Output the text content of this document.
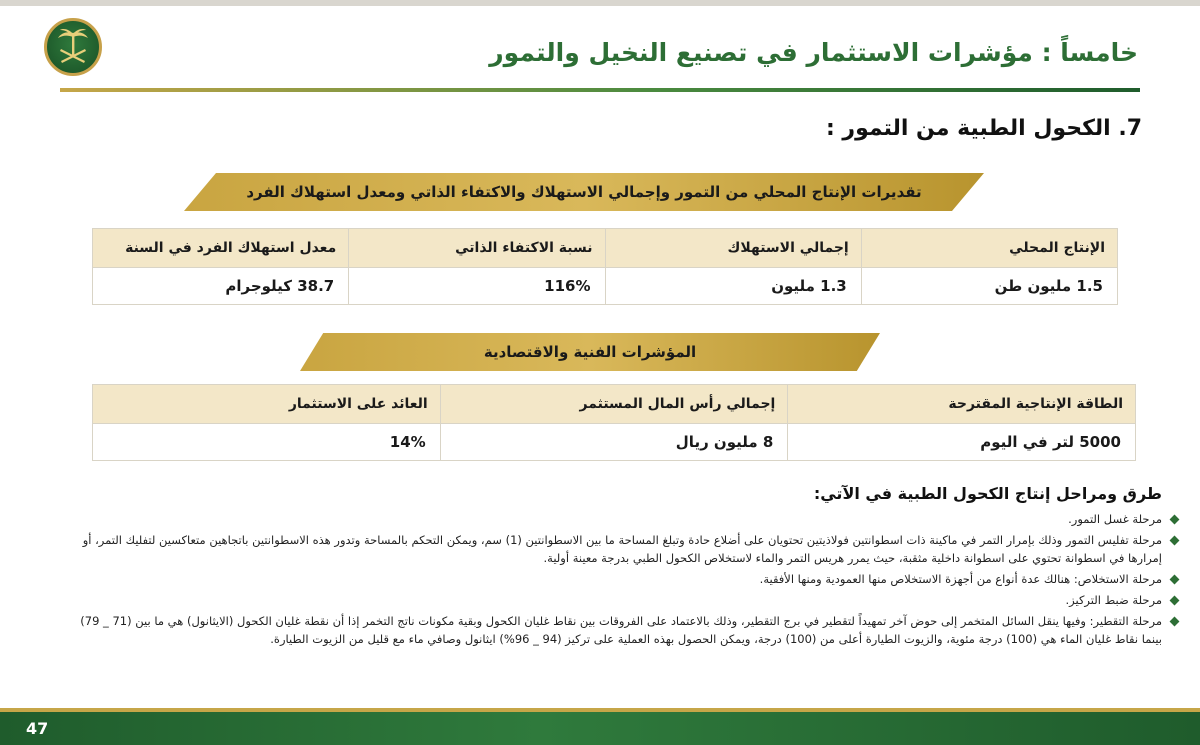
خامساً : مؤشرات الاستثمار في تصنيع النخيل والتمور
7. الكحول الطبية من التمور :
تقديرات الإنتاج المحلي من التمور وإجمالي الاستهلاك والاكتفاء الذاتي ومعدل استهلاك الفرد
الإنتاج المحلي	إجمالي الاستهلاك	نسبة الاكتفاء الذاتي	معدل استهلاك الفرد في السنة
1.5 مليون طن	1.3 مليون	116%	38.7 كيلوجرام
المؤشرات الفنية والاقتصادية
الطاقة الإنتاجية المقترحة	إجمالي رأس المال المستثمر	العائد على الاستثمار
5000 لتر في اليوم	8 مليون ريال	14%
طرق ومراحل إنتاج الكحول الطبية في الآتي:
مرحلة غسل التمور.
مرحلة تفليس التمور وذلك بإمرار التمر في ماكينة ذات اسطوانتين فولاذيتين تحتويان على أضلاع حادة وتبلغ المساحة ما بين الاسطوانتين (1) سم، ويمكن التحكم بالمساحة وتدور هذه الاسطوانتين باتجاهين متعاكسين لتفليك التمر، أو إمرارها في اسطوانة تحتوي على اسطوانة داخلية مثقبة، حيث يمرر هريس التمر والماء لاستخلاص الكحول الطبي بدرجة معينة أولية.
مرحلة الاستخلاص: هنالك عدة أنواع من أجهزة الاستخلاص منها العمودية ومنها الأفقية.
مرحلة ضبط التركيز.
مرحلة التقطير: وفيها ينقل السائل المتخمر إلى حوض آخر تمهيداً لتقطير في برج التقطير، وذلك بالاعتماد على الفروقات بين نقاط غليان الكحول وبقية مكونات ناتج التخمر إذا أن نقطة غليان الكحول (الايثانول) هي ما بين (71 _ 79) بينما نقاط غليان الماء هي (100) درجة مئوية، والزيوت الطيارة أعلى من (100) درجة، ويمكن الحصول بهذه العملية على تركيز (94 _ 96%) ايثانول وصافي ماء مع قليل من الزيوت الطيارة.
47
